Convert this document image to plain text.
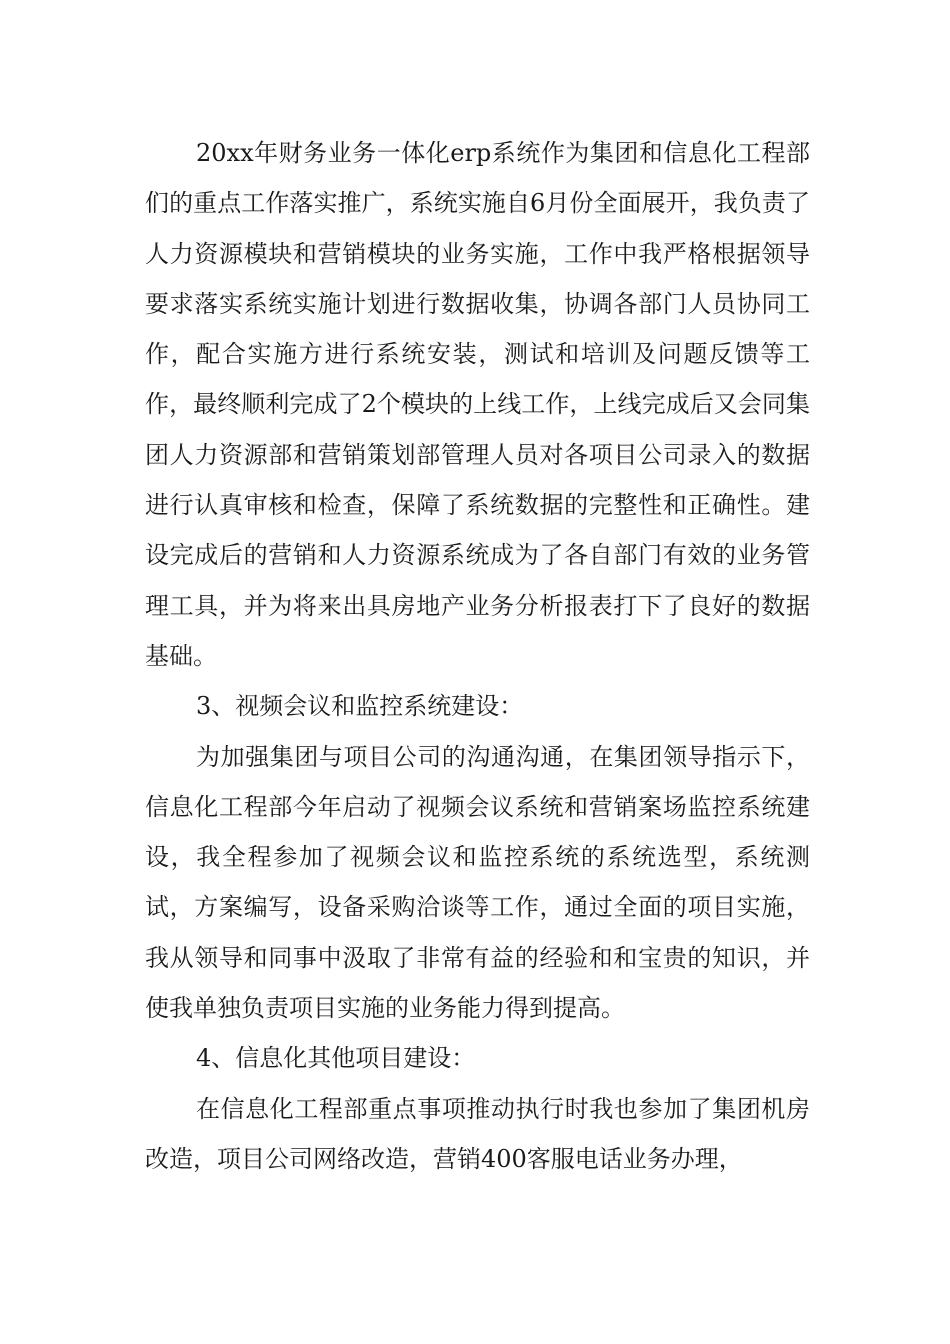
20xx年财务业务一体化erp系统作为集团和信息化工程部们的重点工作落实推广，系统实施自6月份全面展开，我负责了人力资源模块和营销模块的业务实施，工作中我严格根据领导要求落实系统实施计划进行数据收集，协调各部门人员协同工作，配合实施方进行系统安装，测试和培训及问题反馈等工作，最终顺利完成了2个模块的上线工作，上线完成后又会同集团人力资源部和营销策划部管理人员对各项目公司录入的数据进行认真审核和检查，保障了系统数据的完整性和正确性。建设完成后的营销和人力资源系统成为了各自部门有效的业务管理工具，并为将来出具房地产业务分析报表打下了良好的数据基础。

3、视频会议和监控系统建设：

为加强集团与项目公司的沟通沟通，在集团领导指示下，信息化工程部今年启动了视频会议系统和营销案场监控系统建设，我全程参加了视频会议和监控系统的系统选型，系统测试，方案编写，设备采购洽谈等工作，通过全面的项目实施，我从领导和同事中汲取了非常有益的经验和和宝贵的知识，并使我单独负责项目实施的业务能力得到提高。

4、信息化其他项目建设：

在信息化工程部重点事项推动执行时我也参加了集团机房改造，项目公司网络改造，营销400客服电话业务办理，
